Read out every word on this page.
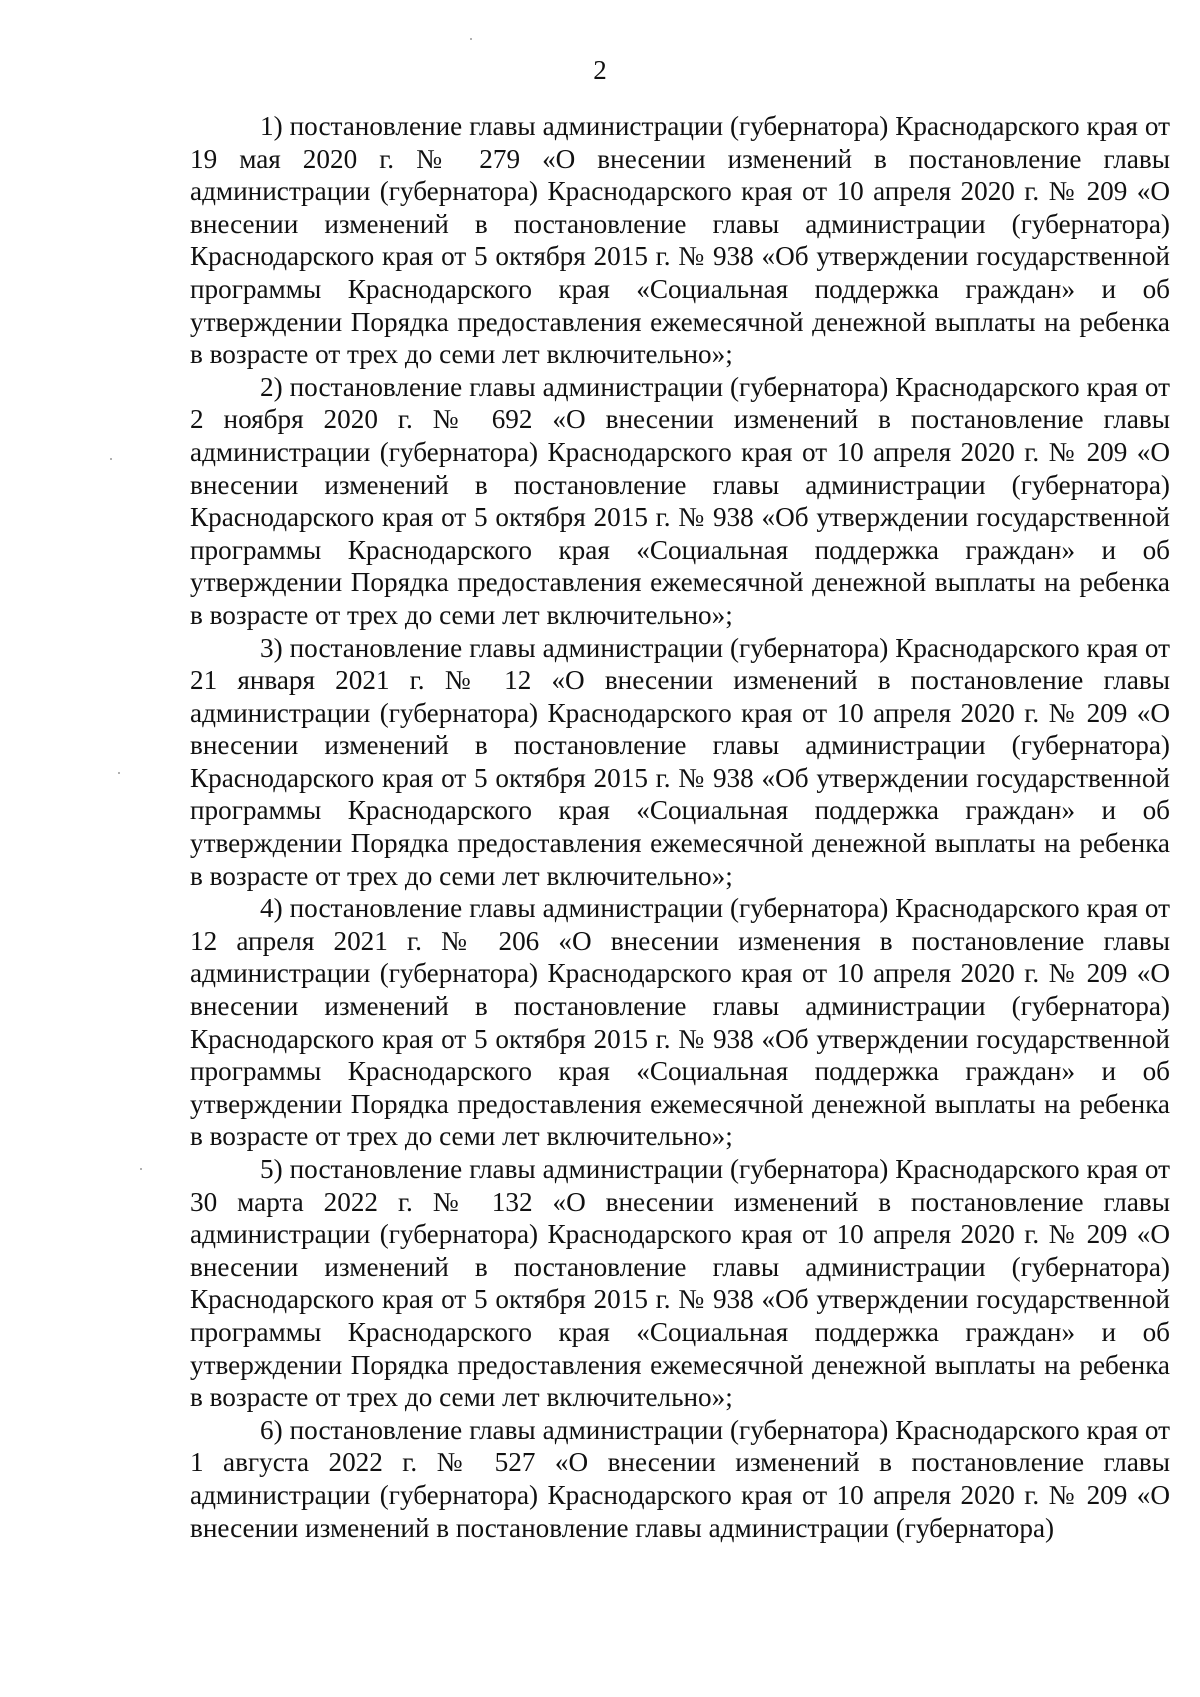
2

1) постановление главы администрации (губернатора) Краснодарского края от 19 мая 2020 г. № 279 «О внесении изменений в постановление главы администрации (губернатора) Краснодарского края от 10 апреля 2020 г. № 209 «О внесении изменений в постановление главы администрации (губернатора) Краснодарского края от 5 октября 2015 г. № 938 «Об утверждении государственной программы Краснодарского края «Социальная поддержка граждан» и об утверждении Порядка предоставления ежемесячной денежной выплаты на ребенка в возрасте от трех до семи лет включительно»;

2) постановление главы администрации (губернатора) Краснодарского края от 2 ноября 2020 г. № 692 «О внесении изменений в постановление главы администрации (губернатора) Краснодарского края от 10 апреля 2020 г. № 209 «О внесении изменений в постановление главы администрации (губернатора) Краснодарского края от 5 октября 2015 г. № 938 «Об утверждении государственной программы Краснодарского края «Социальная поддержка граждан» и об утверждении Порядка предоставления ежемесячной денежной выплаты на ребенка в возрасте от трех до семи лет включительно»;

3) постановление главы администрации (губернатора) Краснодарского края от 21 января 2021 г. № 12 «О внесении изменений в постановление главы администрации (губернатора) Краснодарского края от 10 апреля 2020 г. № 209 «О внесении изменений в постановление главы администрации (губернатора) Краснодарского края от 5 октября 2015 г. № 938 «Об утверждении государственной программы Краснодарского края «Социальная поддержка граждан» и об утверждении Порядка предоставления ежемесячной денежной выплаты на ребенка в возрасте от трех до семи лет включительно»;

4) постановление главы администрации (губернатора) Краснодарского края от 12 апреля 2021 г. № 206 «О внесении изменения в постановление главы администрации (губернатора) Краснодарского края от 10 апреля 2020 г. № 209 «О внесении изменений в постановление главы администрации (губернатора) Краснодарского края от 5 октября 2015 г. № 938 «Об утверждении государственной программы Краснодарского края «Социальная поддержка граждан» и об утверждении Порядка предоставления ежемесячной денежной выплаты на ребенка в возрасте от трех до семи лет включительно»;

5) постановление главы администрации (губернатора) Краснодарского края от 30 марта 2022 г. № 132 «О внесении изменений в постановление главы администрации (губернатора) Краснодарского края от 10 апреля 2020 г. № 209 «О внесении изменений в постановление главы администрации (губернатора) Краснодарского края от 5 октября 2015 г. № 938 «Об утверждении государственной программы Краснодарского края «Социальная поддержка граждан» и об утверждении Порядка предоставления ежемесячной денежной выплаты на ребенка в возрасте от трех до семи лет включительно»;

6) постановление главы администрации (губернатора) Краснодарского края от 1 августа 2022 г. № 527 «О внесении изменений в постановление главы администрации (губернатора) Краснодарского края от 10 апреля 2020 г. № 209 «О внесении изменений в постановление главы администрации (губернатора)
